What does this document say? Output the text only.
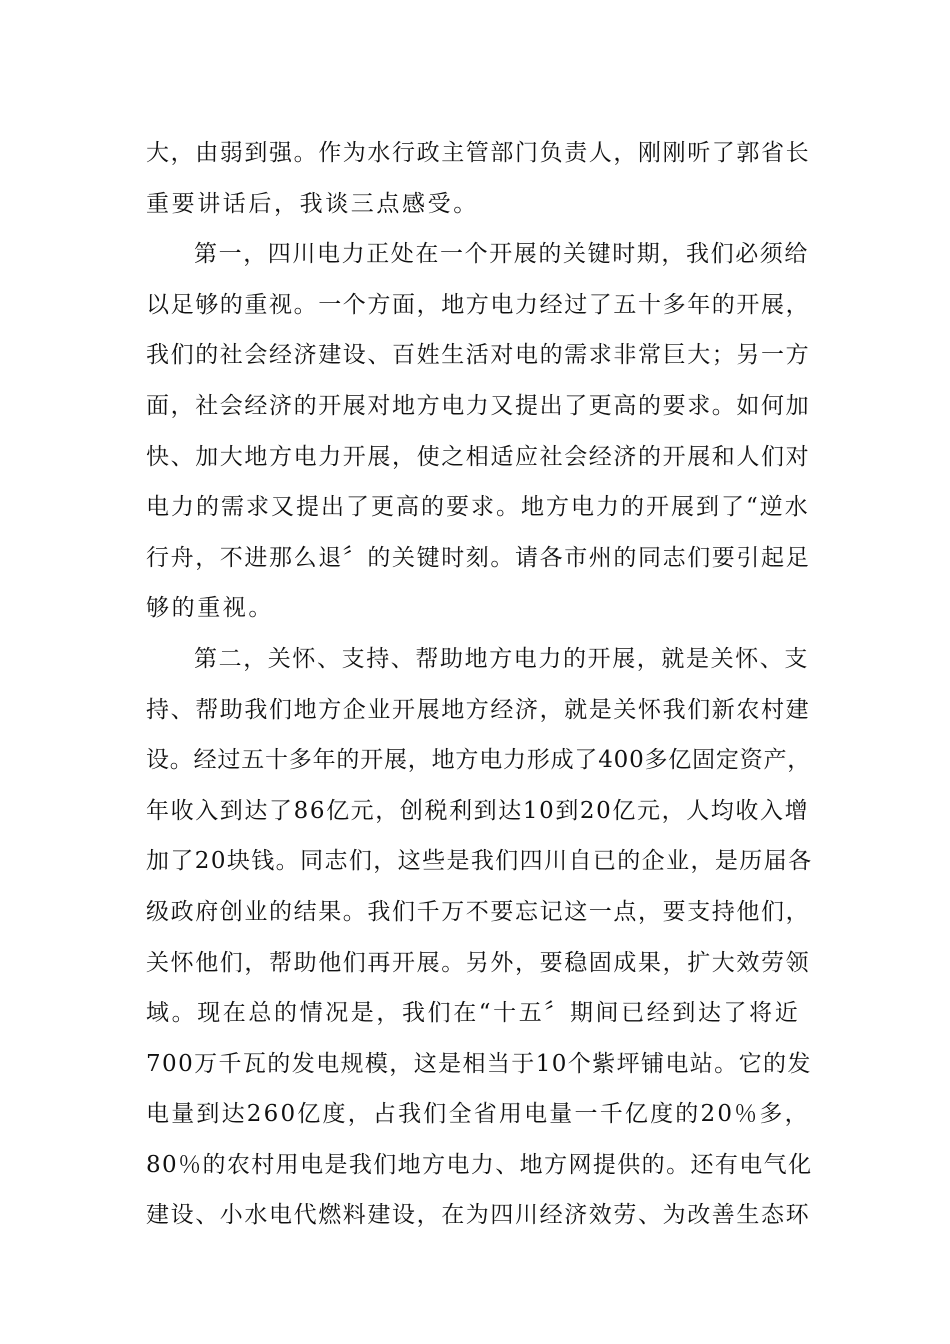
大，由弱到强。作为水行政主管部门负责人，刚刚听了郭省长
重要讲话后，我谈三点感受。
第一，四川电力正处在一个开展的关键时期，我们必须给
以足够的重视。一个方面，地方电力经过了五十多年的开展，
我们的社会经济建设、百姓生活对电的需求非常巨大；另一方
面，社会经济的开展对地方电力又提出了更高的要求。如何加
快、加大地方电力开展，使之相适应社会经济的开展和人们对
电力的需求又提出了更高的要求。地方电力的开展到了“逆水
行舟，不进那么退〞的关键时刻。请各市州的同志们要引起足
够的重视。
第二，关怀、支持、帮助地方电力的开展，就是关怀、支
持、帮助我们地方企业开展地方经济，就是关怀我们新农村建
设。经过五十多年的开展，地方电力形成了400多亿固定资产，
年收入到达了86亿元，创税利到达10到20亿元，人均收入增
加了20块钱。同志们，这些是我们四川自已的企业，是历届各
级政府创业的结果。我们千万不要忘记这一点，要支持他们，
关怀他们，帮助他们再开展。另外，要稳固成果，扩大效劳领
域。现在总的情况是，我们在“十五〞期间已经到达了将近
700万千瓦的发电规模，这是相当于10个紫坪铺电站。它的发
电量到达260亿度，占我们全省用电量一千亿度的20％多，
80％的农村用电是我们地方电力、地方网提供的。还有电气化
建设、小水电代燃料建设，在为四川经济效劳、为改善生态环
